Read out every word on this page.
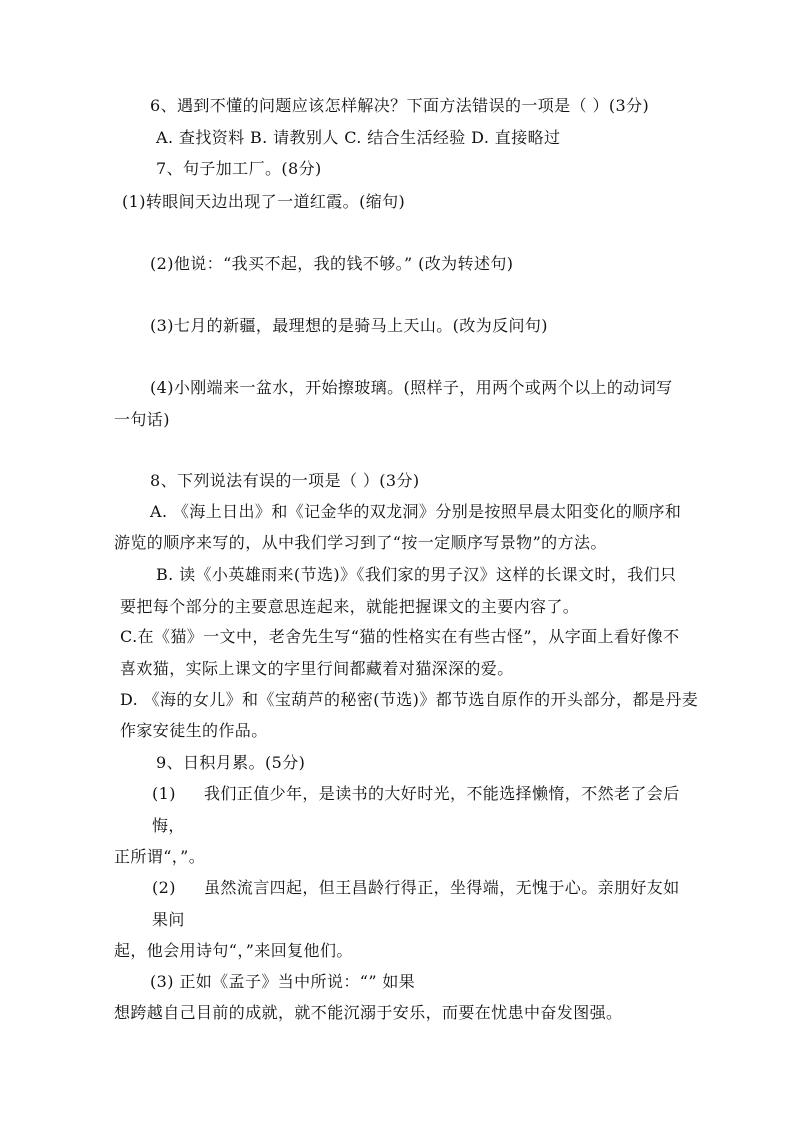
6、遇到不懂的问题应该怎样解决？下面方法错误的一项是（ ）(3分)
A. 查找资料 B. 请教别人 C. 结合生活经验 D. 直接略过
7、句子加工厂。(8分)
(1)转眼间天边出现了一道红霞。(缩句)
(2)他说：“我买不起，我的钱不够。” (改为转述句)
(3)七月的新疆，最理想的是骑马上天山。(改为反问句)
(4)小刚端来一盆水，开始擦玻璃。(照样子，用两个或两个以上的动词写
一句话)
8、下列说法有误的一项是（ ）(3分)
A. 《海上日出》和《记金华的双龙洞》分别是按照早晨太阳变化的顺序和
游览的顺序来写的，从中我们学习到了“按一定顺序写景物”的方法。
B. 读《小英雄雨来(节选)》《我们家的男子汉》这样的长课文时，我们只
要把每个部分的主要意思连起来，就能把握课文的主要内容了。
C.在《猫》一文中，老舍先生写“猫的性格实在有些古怪”，从字面上看好像不
喜欢猫，实际上课文的字里行间都藏着对猫深深的爱。
D. 《海的女儿》和《宝葫芦的秘密(节选)》都节选自原作的开头部分，都是丹麦
作家安徒生的作品。
9、日积月累。(5分)
(1) 我们正值少年，是读书的大好时光，不能选择懒惰，不然老了会后
悔，
正所谓“，”。
(2) 虽然流言四起，但王昌龄行得正，坐得端，无愧于心。亲朋好友如
果问
起，他会用诗句“，”来回复他们。
(3) 正如《孟子》当中所说：“” 如果
想跨越自己目前的成就，就不能沉溺于安乐，而要在忧患中奋发图强。
